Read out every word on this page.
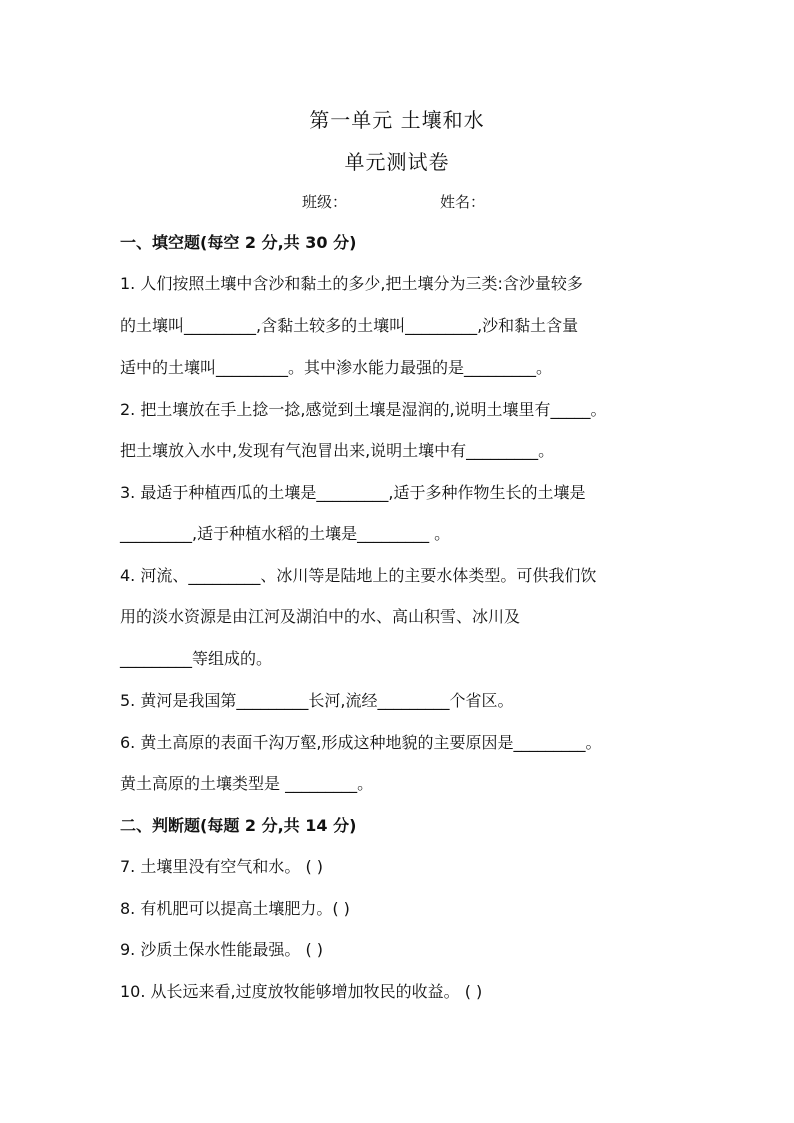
第一单元 土壤和水
单元测试卷
班级：	姓名：
一、填空题(每空 2 分,共 30 分)
1. 人们按照土壤中含沙和黏土的多少,把土壤分为三类:含沙量较多
的土壤叫_________,含黏土较多的土壤叫_________,沙和黏土含量
适中的土壤叫_________。其中渗水能力最强的是_________。
2. 把土壤放在手上捻一捻,感觉到土壤是湿润的,说明土壤里有_____。
把土壤放入水中,发现有气泡冒出来,说明土壤中有_________。
3. 最适于种植西瓜的土壤是_________,适于多种作物生长的土壤是
_________,适于种植水稻的土壤是_________ 。
4. 河流、_________、冰川等是陆地上的主要水体类型。可供我们饮
用的淡水资源是由江河及湖泊中的水、高山积雪、冰川及
_________等组成的。
5. 黄河是我国第_________长河,流经_________个省区。
6. 黄土高原的表面千沟万壑,形成这种地貌的主要原因是_________。
黄土高原的土壤类型是 _________。
二、判断题(每题 2 分,共 14 分)
7. 土壤里没有空气和水。 ( )
8. 有机肥可以提高土壤肥力。( )
9. 沙质土保水性能最强。 ( )
10. 从长远来看,过度放牧能够增加牧民的收益。 ( )
